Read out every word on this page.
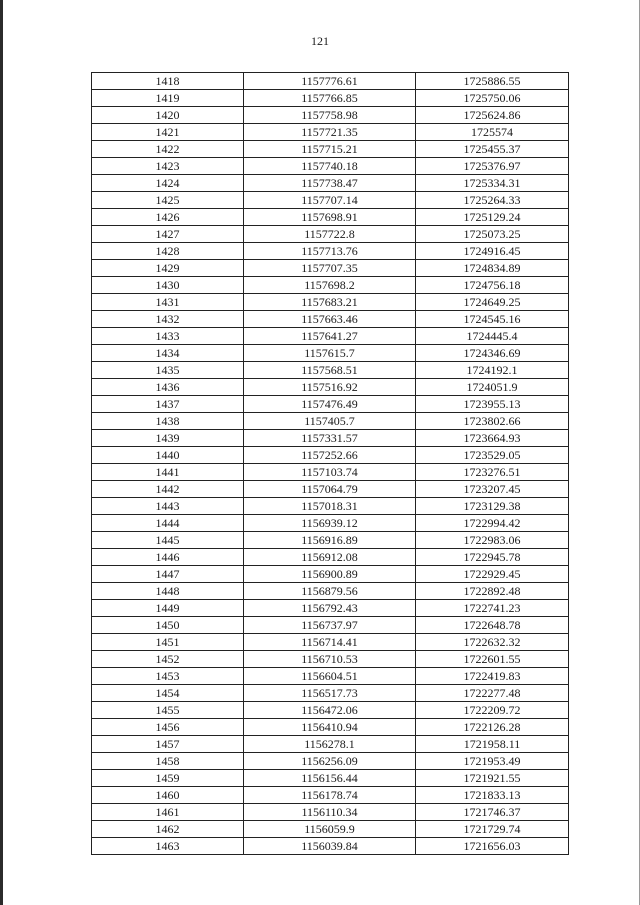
121
1418	1157776.61	1725886.55
1419	1157766.85	1725750.06
1420	1157758.98	1725624.86
1421	1157721.35	1725574
1422	1157715.21	1725455.37
1423	1157740.18	1725376.97
1424	1157738.47	1725334.31
1425	1157707.14	1725264.33
1426	1157698.91	1725129.24
1427	1157722.8	1725073.25
1428	1157713.76	1724916.45
1429	1157707.35	1724834.89
1430	1157698.2	1724756.18
1431	1157683.21	1724649.25
1432	1157663.46	1724545.16
1433	1157641.27	1724445.4
1434	1157615.7	1724346.69
1435	1157568.51	1724192.1
1436	1157516.92	1724051.9
1437	1157476.49	1723955.13
1438	1157405.7	1723802.66
1439	1157331.57	1723664.93
1440	1157252.66	1723529.05
1441	1157103.74	1723276.51
1442	1157064.79	1723207.45
1443	1157018.31	1723129.38
1444	1156939.12	1722994.42
1445	1156916.89	1722983.06
1446	1156912.08	1722945.78
1447	1156900.89	1722929.45
1448	1156879.56	1722892.48
1449	1156792.43	1722741.23
1450	1156737.97	1722648.78
1451	1156714.41	1722632.32
1452	1156710.53	1722601.55
1453	1156604.51	1722419.83
1454	1156517.73	1722277.48
1455	1156472.06	1722209.72
1456	1156410.94	1722126.28
1457	1156278.1	1721958.11
1458	1156256.09	1721953.49
1459	1156156.44	1721921.55
1460	1156178.74	1721833.13
1461	1156110.34	1721746.37
1462	1156059.9	1721729.74
1463	1156039.84	1721656.03
